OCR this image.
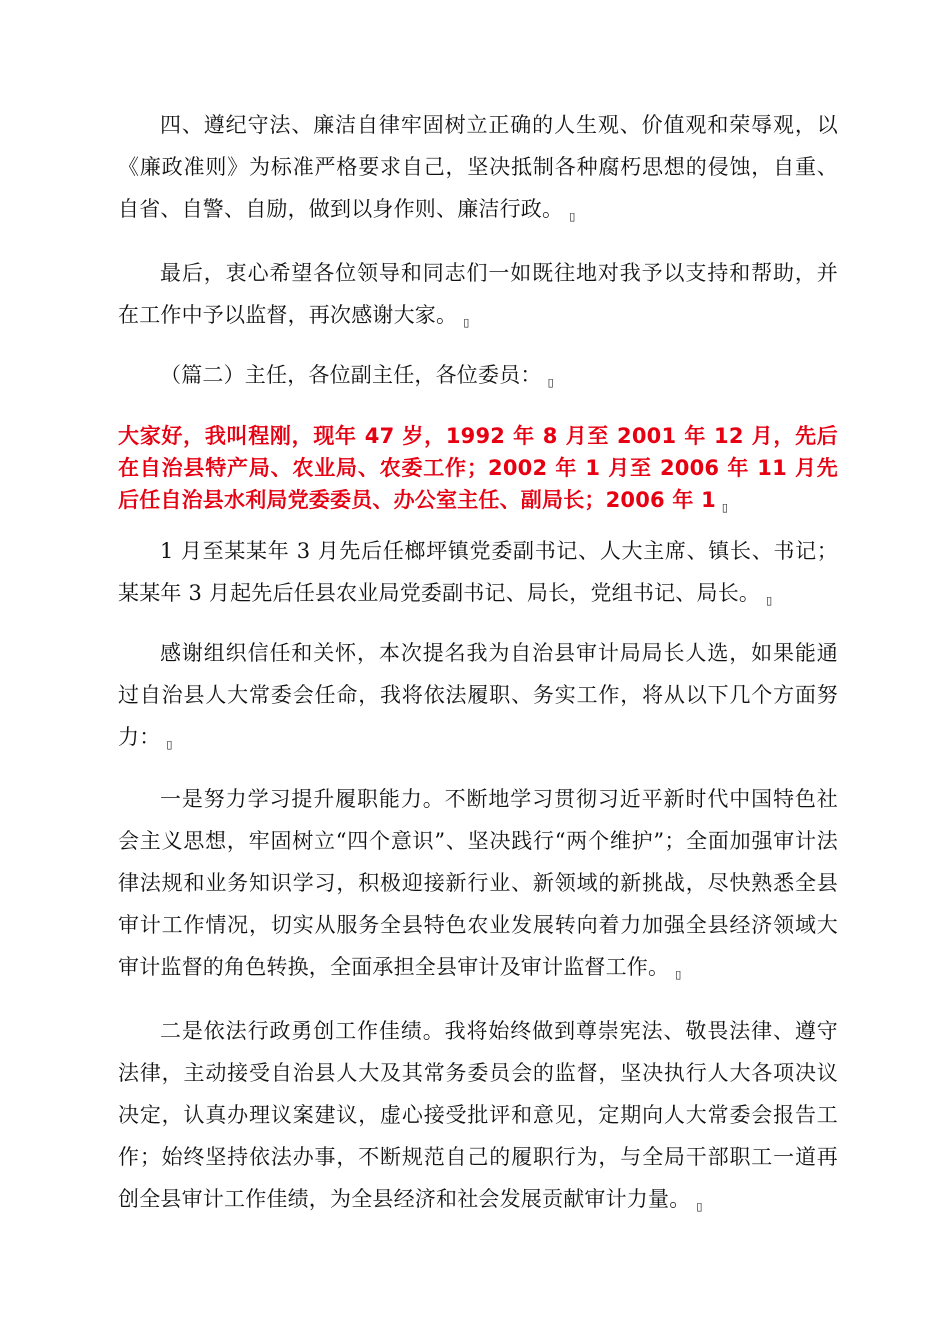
四、遵纪守法、廉洁自律牢固树立正确的人生观、价值观和荣辱观，以《廉政准则》为标准严格要求自己，坚决抵制各种腐朽思想的侵蚀，自重、自省、自警、自励，做到以身作则、廉洁行政。 ▯

最后，衷心希望各位领导和同志们一如既往地对我予以支持和帮助，并在工作中予以监督，再次感谢大家。 ▯

（篇二）主任，各位副主任，各位委员： ▯

大家好，我叫程刚，现年 47 岁，1992 年 8 月至 2001 年 12 月，先后在自治县特产局、农业局、农委工作；2002 年 1 月至 2006 年 11 月先后任自治县水利局党委委员、办公室主任、副局长；2006 年 1 ▯

1 月至某某年 3 月先后任榔坪镇党委副书记、人大主席、镇长、书记；某某年 3 月起先后任县农业局党委副书记、局长，党组书记、局长。 ▯

感谢组织信任和关怀，本次提名我为自治县审计局局长人选，如果能通过自治县人大常委会任命，我将依法履职、务实工作，将从以下几个方面努力： ▯

一是努力学习提升履职能力。不断地学习贯彻习近平新时代中国特色社会主义思想，牢固树立“四个意识”、坚决践行“两个维护”；全面加强审计法律法规和业务知识学习，积极迎接新行业、新领域的新挑战，尽快熟悉全县审计工作情况，切实从服务全县特色农业发展转向着力加强全县经济领域大审计监督的角色转换，全面承担全县审计及审计监督工作。 ▯

二是依法行政勇创工作佳绩。我将始终做到尊崇宪法、敬畏法律、遵守法律，主动接受自治县人大及其常务委员会的监督，坚决执行人大各项决议决定，认真办理议案建议，虚心接受批评和意见，定期向人大常委会报告工作；始终坚持依法办事，不断规范自己的履职行为，与全局干部职工一道再创全县审计工作佳绩，为全县经济和社会发展贡献审计力量。 ▯
